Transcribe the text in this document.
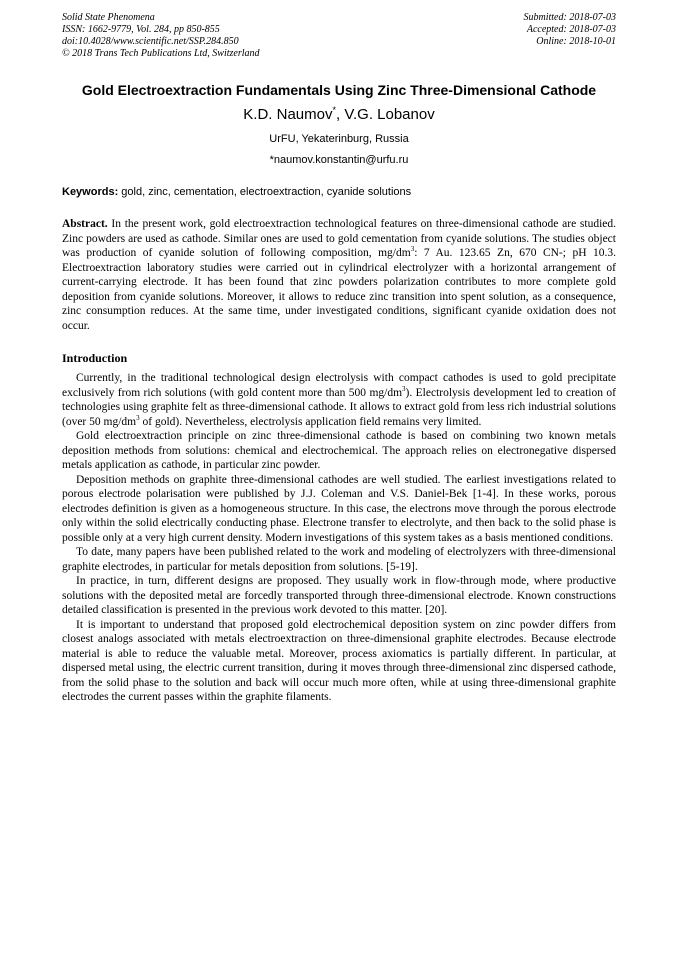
Solid State Phenomena
ISSN: 1662-9779, Vol. 284, pp 850-855
doi:10.4028/www.scientific.net/SSP.284.850
© 2018 Trans Tech Publications Ltd, Switzerland
Submitted: 2018-07-03
Accepted: 2018-07-03
Online: 2018-10-01
Gold Electroextraction Fundamentals Using Zinc Three-Dimensional Cathode
K.D. Naumov*, V.G. Lobanov
UrFU, Yekaterinburg, Russia
*naumov.konstantin@urfu.ru
Keywords: gold, zinc, cementation, electroextraction, cyanide solutions
Abstract. In the present work, gold electroextraction technological features on three-dimensional cathode are studied. Zinc powders are used as cathode. Similar ones are used to gold cementation from cyanide solutions. The studies object was production of cyanide solution of following composition, $mg/dm^3$: 7 Au. 123.65 Zn, 670 CN-; pH 10.3. Electroextraction laboratory studies were carried out in cylindrical electrolyzer with a horizontal arrangement of current-carrying electrode. It has been found that zinc powders polarization contributes to more complete gold deposition from cyanide solutions. Moreover, it allows to reduce zinc transition into spent solution, as a consequence, zinc consumption reduces. At the same time, under investigated conditions, significant cyanide oxidation does not occur.
Introduction

Currently, in the traditional technological design electrolysis with compact cathodes is used to gold precipitate exclusively from rich solutions (with gold content more than 500 $mg/dm^3$). Electrolysis development led to creation of technologies using graphite felt as three-dimensional cathode. It allows to extract gold from less rich industrial solutions (over 50 $mg/dm^3$ of gold). Nevertheless, electrolysis application field remains very limited.

Gold electroextraction principle on zinc three-dimensional cathode is based on combining two known metals deposition methods from solutions: chemical and electrochemical. The approach relies on electronegative dispersed metals application as cathode, in particular zinc powder.

Deposition methods on graphite three-dimensional cathodes are well studied. The earliest investigations related to porous electrode polarisation were published by J.J. Coleman and V.S. Daniel-Bek [1-4]. In these works, porous electrodes definition is given as a homogeneous structure. In this case, the electrons move through the porous electrode only within the solid electrically conducting phase. Electrone transfer to electrolyte, and then back to the solid phase is possible only at a very high current density. Modern investigations of this system takes as a basis mentioned conditions.

To date, many papers have been published related to the work and modeling of electrolyzers with three-dimensional graphite electrodes, in particular for metals deposition from solutions. [5-19].

In practice, in turn, different designs are proposed. They usually work in flow-through mode, where productive solutions with the deposited metal are forcedly transported through three-dimensional electrode. Known constructions detailed classification is presented in the previous work devoted to this matter. [20].

It is important to understand that proposed gold electrochemical deposition system on zinc powder differs from closest analogs associated with metals electroextraction on three-dimensional graphite electrodes. Because electrode material is able to reduce the valuable metal. Moreover, process axiomatics is partially different. In particular, at dispersed metal using, the electric current transition, during it moves through three-dimensional zinc dispersed cathode, from the solid phase to the solution and back will occur much more often, while at using three-dimensional graphite electrodes the current passes within the graphite filaments.
